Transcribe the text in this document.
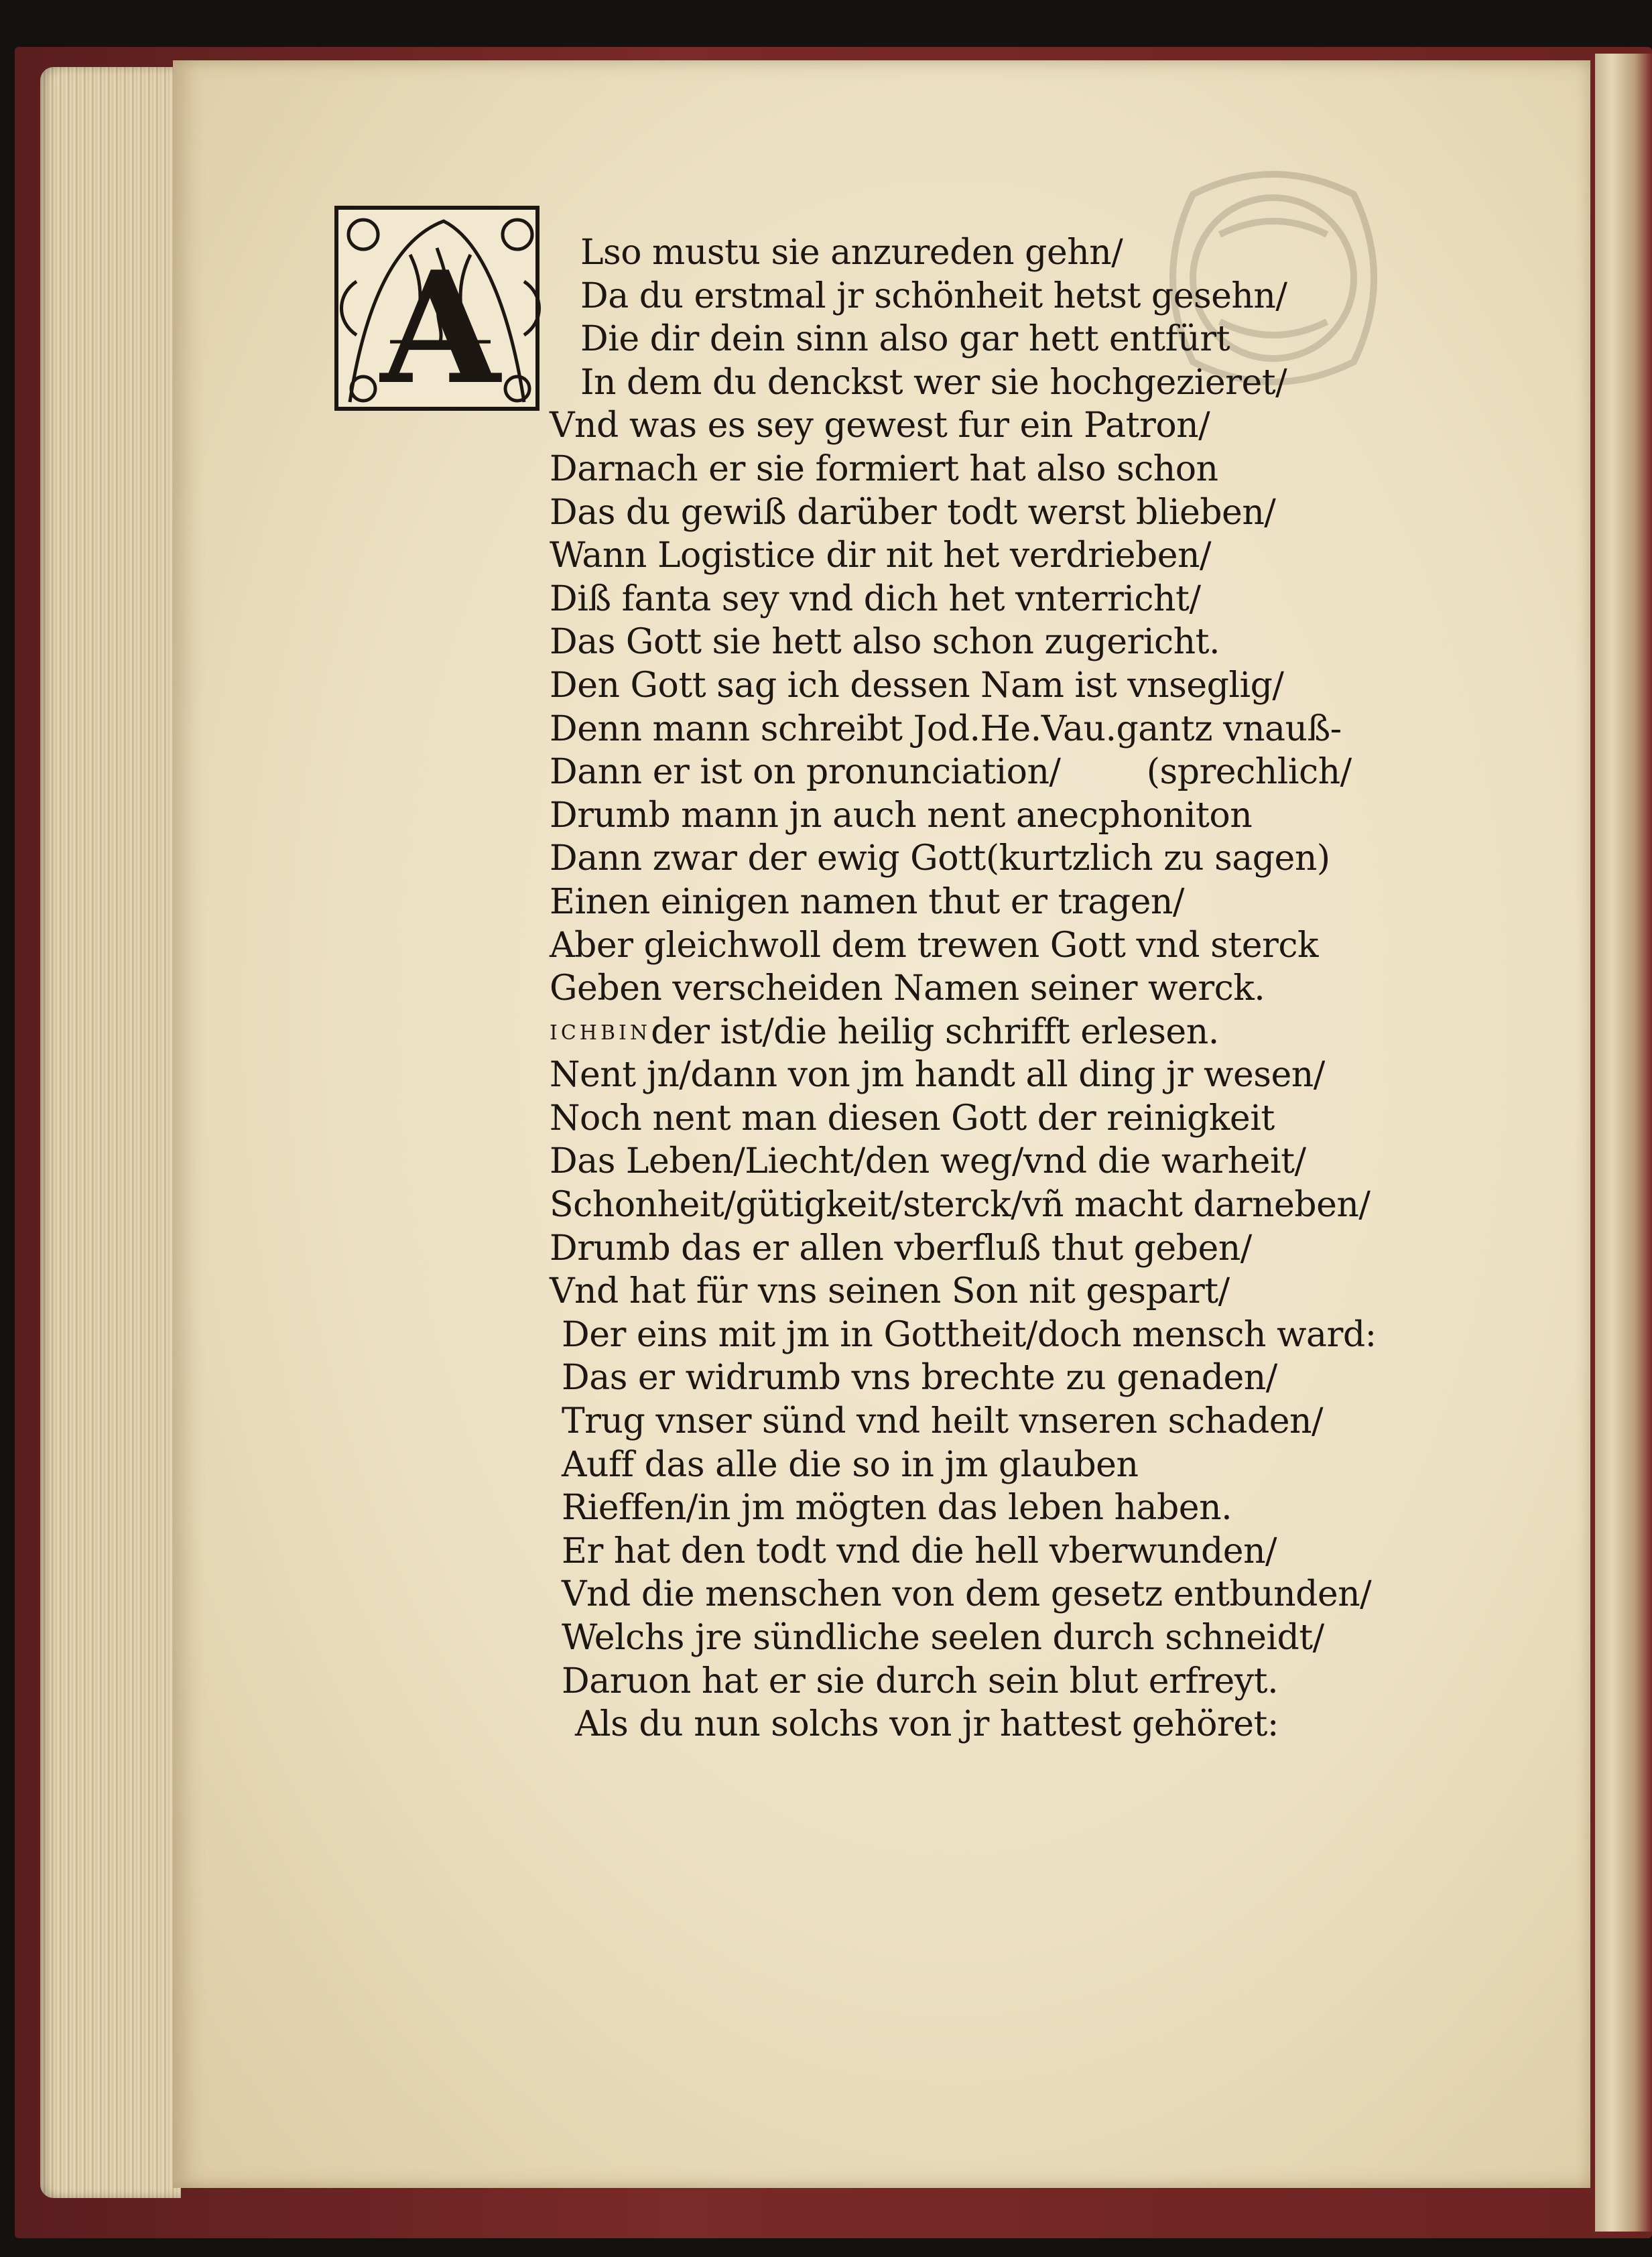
A	Lso mustu sie anzureden gehn/
Da du erstmal jr schönheit hetst gesehn/
Die dir dein sinn also gar hett entfürt
In dem du denckst wer sie hochgezieret/
Vnd was es sey gewest fur ein Patron/
Darnach er sie formiert hat also schon
Das du gewiß darüber todt werst blieben/
Wann Logistice dir nit het verdrieben/
Diß fanta sey vnd dich het vnterricht/
Das Gott sie hett also schon zugericht.
Den Gott sag ich dessen Nam ist vnseglig/
Denn mann schreibt Jod.He.Vau.gantz vnauß-
Dann er ist on pronunciation/        (sprechlich/
Drumb mann jn auch nent anecphoniton
Dann zwar der ewig Gott(kurtzlich zu sagen)
Einen einigen namen thut er tragen/
Aber gleichwoll dem trewen Gott vnd sterck
Geben verscheiden Namen seiner werck.
ICHBINder ist/die heilig schrifft erlesen.
Nent jn/dann von jm handt all ding jr wesen/
Noch nent man diesen Gott der reinigkeit
Das Leben/Liecht/den weg/vnd die warheit/
Schonheit/gütigkeit/sterck/vñ macht darneben/
Drumb das er allen vberfluß thut geben/
Vnd hat für vns seinen Son nit gespart/
Der eins mit jm in Gottheit/doch mensch ward:
Das er widrumb vns brechte zu genaden/
Trug vnser sünd vnd heilt vnseren schaden/
Auff das alle die so in jm glauben
Rieffen/in jm mögten das leben haben.
Er hat den todt vnd die hell vberwunden/
Vnd die menschen von dem gesetz entbunden/
Welchs jre sündliche seelen durch schneidt/
Daruon hat er sie durch sein blut erfreyt.
Als du nun solchs von jr hattest gehöret:
